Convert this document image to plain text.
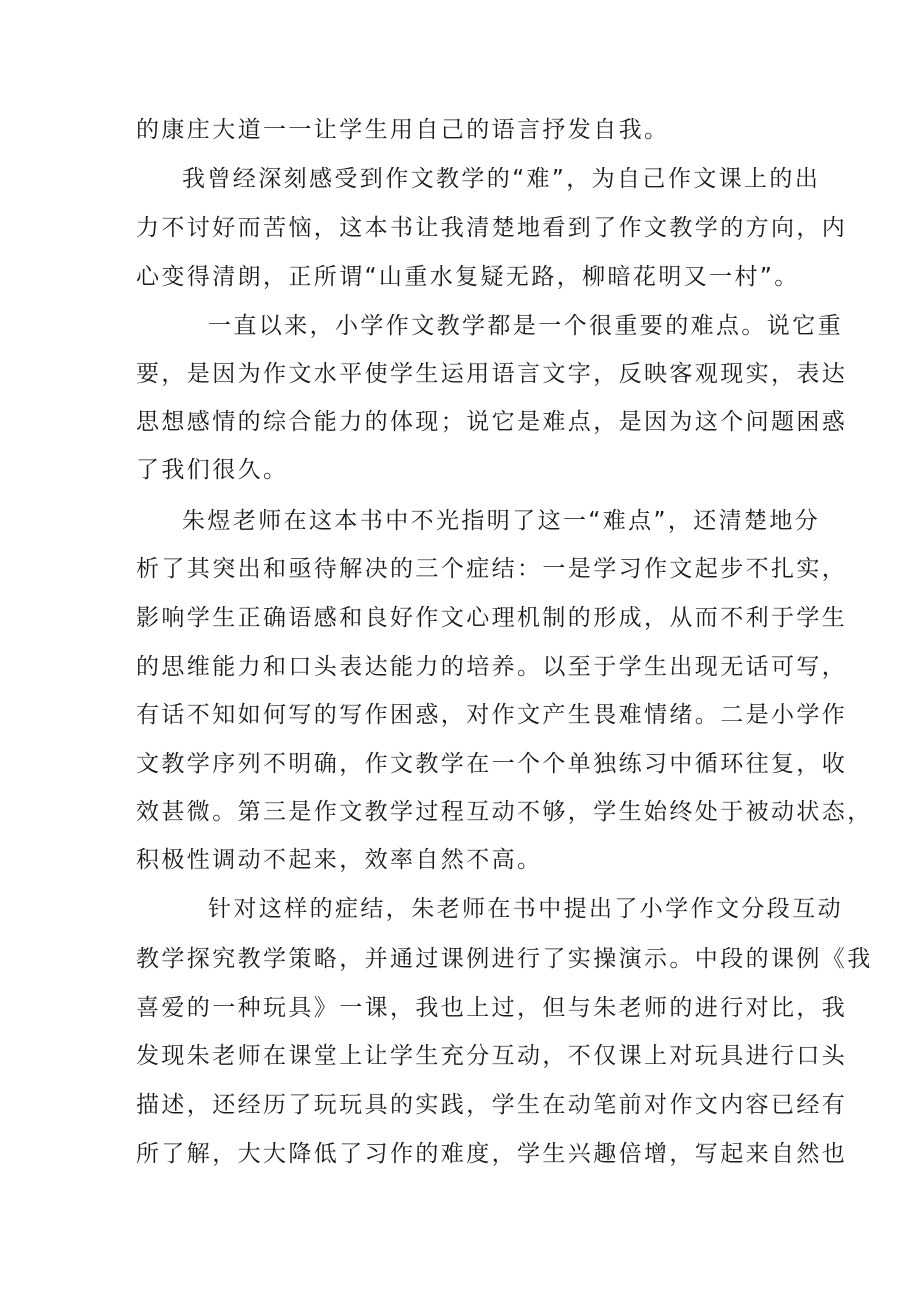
的康庄大道一一让学生用自己的语言抒发自我。
我曾经深刻感受到作文教学的“难”，为自己作文课上的出
力不讨好而苦恼，这本书让我清楚地看到了作文教学的方向，内
心变得清朗，正所谓“山重水复疑无路，柳暗花明又一村”。
一直以来，小学作文教学都是一个很重要的难点。说它重
要，是因为作文水平使学生运用语言文字，反映客观现实，表达
思想感情的综合能力的体现；说它是难点，是因为这个问题困惑
了我们很久。
朱煜老师在这本书中不光指明了这一“难点”，还清楚地分
析了其突出和亟待解决的三个症结：一是学习作文起步不扎实，
影响学生正确语感和良好作文心理机制的形成，从而不利于学生
的思维能力和口头表达能力的培养。以至于学生出现无话可写，
有话不知如何写的写作困惑，对作文产生畏难情绪。二是小学作
文教学序列不明确，作文教学在一个个单独练习中循环往复，收
效甚微。第三是作文教学过程互动不够，学生始终处于被动状态，
积极性调动不起来，效率自然不高。
针对这样的症结，朱老师在书中提出了小学作文分段互动
教学探究教学策略，并通过课例进行了实操演示。中段的课例《我
喜爱的一种玩具》一课，我也上过，但与朱老师的进行对比，我
发现朱老师在课堂上让学生充分互动，不仅课上对玩具进行口头
描述，还经历了玩玩具的实践，学生在动笔前对作文内容已经有
所了解，大大降低了习作的难度，学生兴趣倍增，写起来自然也
